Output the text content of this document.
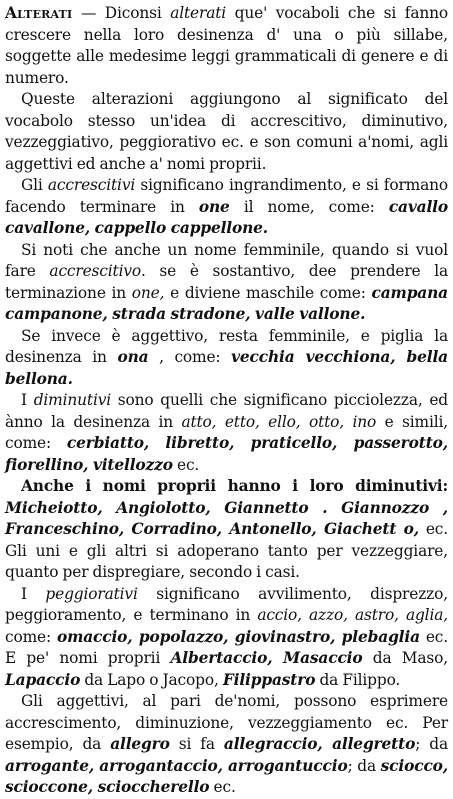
Alterati — Diconsi alterati que' vocaboli che si fanno crescere nella loro desinenza d' una o più sillabe, soggette alle medesime leggi grammaticali di genere e di numero.

Queste alterazioni aggiungono al significato del vocabolo stesso un'idea di accrescitivo, diminutivo, vezzeggiativo, peggiorativo ec. e son comuni a'nomi, agli aggettivi ed anche a' nomi proprii.

Gli accrescitivi significano ingrandimento, e si formano facendo terminare in one il nome, come: cavallo cavallone, cappello cappellone.

Si noti che anche un nome femminile, quando si vuol fare accrescitivo. se è sostantivo, dee prendere la terminazione in one, e diviene maschile come: campana campanone, strada stradone, valle vallone.

Se invece è aggettivo, resta femminile, e piglia la desinenza in ona , come: vecchia vecchiona, bella bellona.

I diminutivi sono quelli che significano picciolezza, ed ànno la desinenza in atto, etto, ello, otto, ino e simili, come: cerbiatto, libretto, praticello, passerotto, fiorellino, vitellozzo ec.

Anche i nomi proprii hanno i loro diminutivi: Micheiotto, Angiolotto, Giannetto . Giannozzo , Franceschino, Corradino, Antonello, Giachett o, ec. Gli uni e gli altri si adoperano tanto per vezzeggiare, quanto per dispregiare, secondo i casi.

I peggiorativi significano avvilimento, disprezzo, peggioramento, e terminano in accio, azzo, astro, aglia, come: omaccio, popolazzo, giovinastro, plebaglia ec. E pe' nomi proprii Albertaccio, Masaccio da Maso, Lapaccio da Lapo o Jacopo, Filippastro da Filippo.

Gli aggettivi, al pari de'nomi, possono esprimere accrescimento, diminuzione, vezzeggiamento ec. Per esempio, da allegro si fa allegraccio, allegretto; da arrogante, arrogantaccio, arrogantuccio; da sciocco, scioccone, scioccherello ec.
